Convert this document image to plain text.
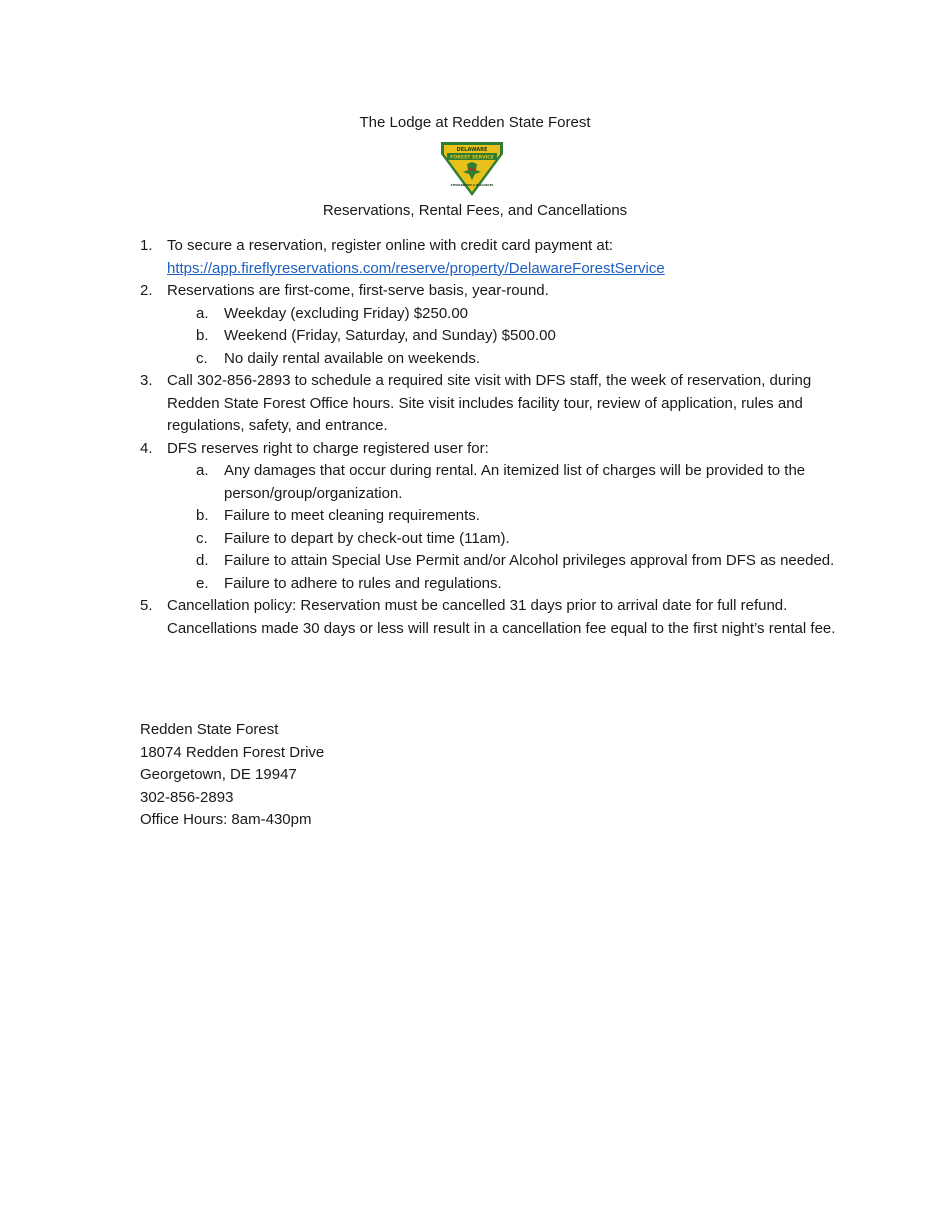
The Lodge at Redden State Forest
DELAWARE
FOREST SERVICE
STEWARDSHIP & RESOURCES
Reservations, Rental Fees, and Cancellations
1. To secure a reservation, register online with credit card payment at:
https://app.fireflyreservations.com/reserve/property/DelawareForestService
2. Reservations are first-come, first-serve basis, year-round.
a.	Weekday (excluding Friday) $250.00
b.	Weekend (Friday, Saturday, and Sunday) $500.00
c.	No daily rental available on weekends.
3. Call 302-856-2893 to schedule a required site visit with DFS staff, the week of reservation, during Redden State Forest Office hours. Site visit includes facility tour, review of application, rules and regulations, safety, and entrance.
4. DFS reserves right to charge registered user for:
a.	Any damages that occur during rental. An itemized list of charges will be provided to the person/group/organization.
b.	Failure to meet cleaning requirements.
c.	Failure to depart by check-out time (11am).
d.	Failure to attain Special Use Permit and/or Alcohol privileges approval from DFS as needed.
e.	Failure to adhere to rules and regulations.
5. Cancellation policy: Reservation must be cancelled 31 days prior to arrival date for full refund. Cancellations made 30 days or less will result in a cancellation fee equal to the first night’s rental fee.
Redden State Forest
18074 Redden Forest Drive
Georgetown, DE 19947
302-856-2893
Office Hours: 8am-430pm
